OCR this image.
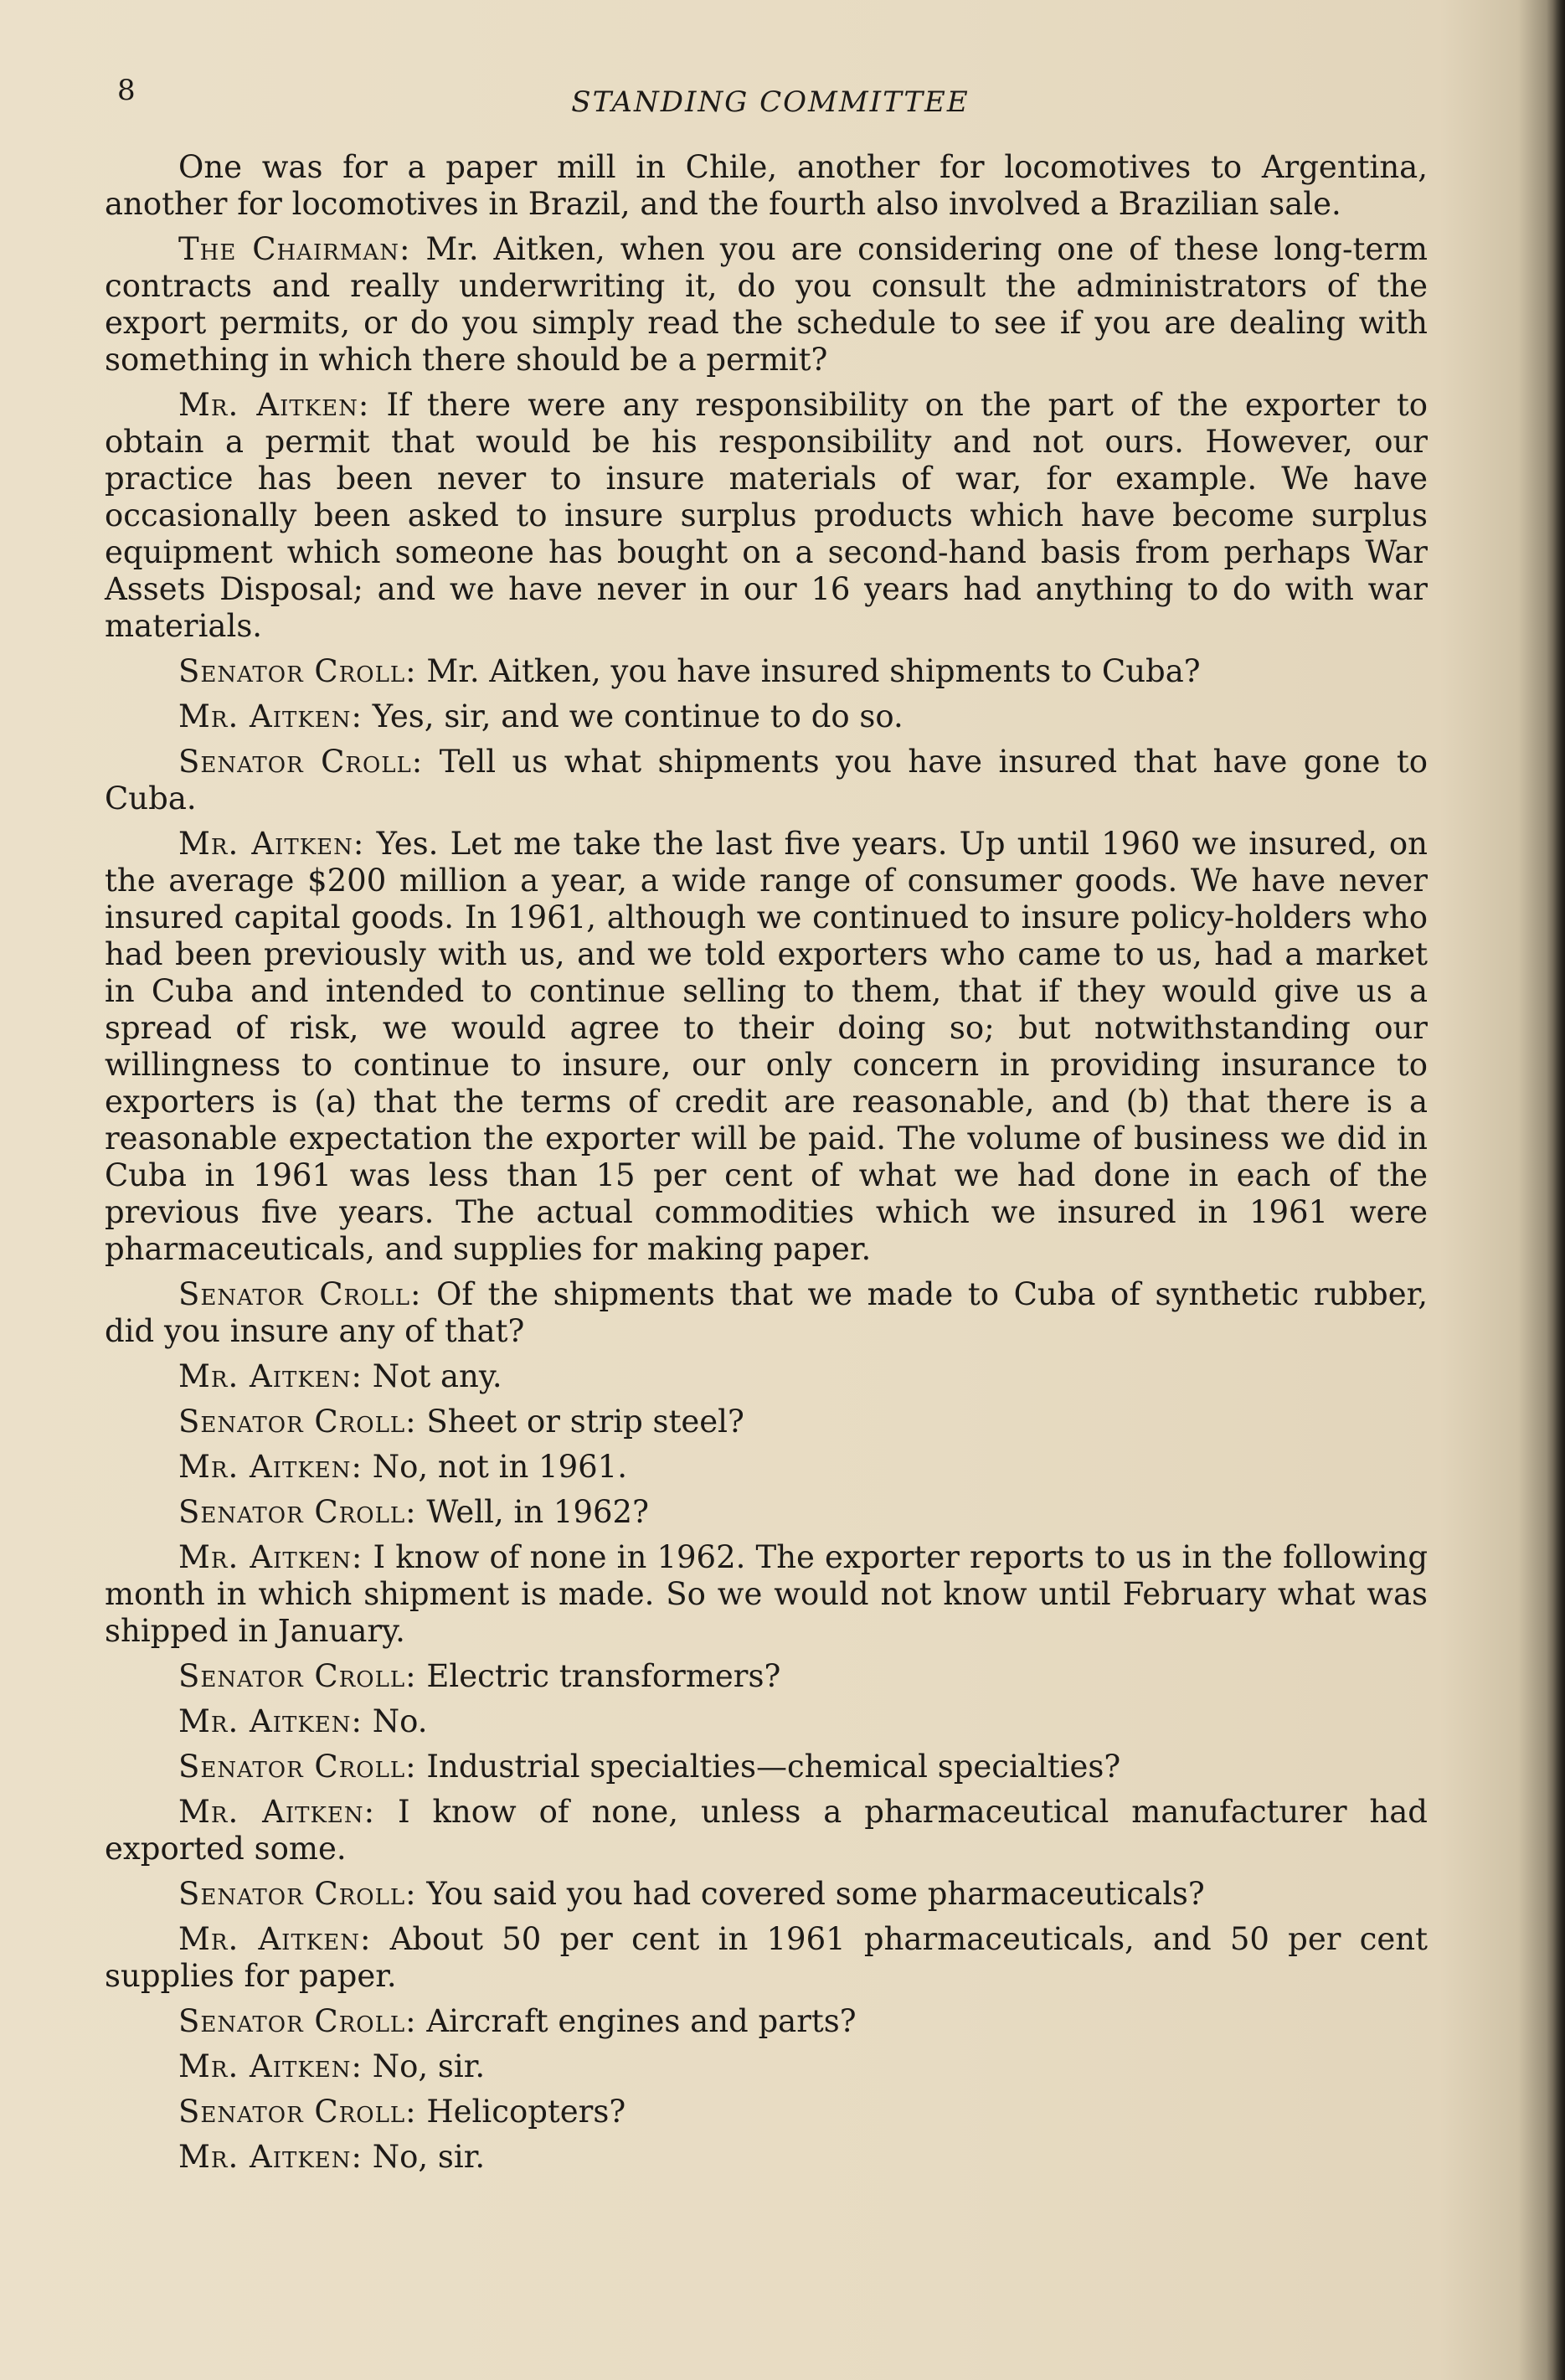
8	STANDING COMMITTEE

One was for a paper mill in Chile, another for locomotives to Argentina, another for locomotives in Brazil, and the fourth also involved a Brazilian sale.

The Chairman: Mr. Aitken, when you are considering one of these long-term contracts and really underwriting it, do you consult the administrators of the export permits, or do you simply read the schedule to see if you are dealing with something in which there should be a permit?

Mr. Aitken: If there were any responsibility on the part of the exporter to obtain a permit that would be his responsibility and not ours. However, our practice has been never to insure materials of war, for example. We have occasionally been asked to insure surplus products which have become surplus equipment which someone has bought on a second-hand basis from perhaps War Assets Disposal; and we have never in our 16 years had anything to do with war materials.

Senator Croll: Mr. Aitken, you have insured shipments to Cuba?

Mr. Aitken: Yes, sir, and we continue to do so.

Senator Croll: Tell us what shipments you have insured that have gone to Cuba.

Mr. Aitken: Yes. Let me take the last five years. Up until 1960 we insured, on the average $200 million a year, a wide range of consumer goods. We have never insured capital goods. In 1961, although we continued to insure policy-holders who had been previously with us, and we told exporters who came to us, had a market in Cuba and intended to continue selling to them, that if they would give us a spread of risk, we would agree to their doing so; but notwithstanding our willingness to continue to insure, our only concern in providing insurance to exporters is (a) that the terms of credit are reasonable, and (b) that there is a reasonable expectation the exporter will be paid. The volume of business we did in Cuba in 1961 was less than 15 per cent of what we had done in each of the previous five years. The actual commodities which we insured in 1961 were pharmaceuticals, and supplies for making paper.

Senator Croll: Of the shipments that we made to Cuba of synthetic rubber, did you insure any of that?

Mr. Aitken: Not any.

Senator Croll: Sheet or strip steel?

Mr. Aitken: No, not in 1961.

Senator Croll: Well, in 1962?

Mr. Aitken: I know of none in 1962. The exporter reports to us in the following month in which shipment is made. So we would not know until February what was shipped in January.

Senator Croll: Electric transformers?

Mr. Aitken: No.

Senator Croll: Industrial specialties—chemical specialties?

Mr. Aitken: I know of none, unless a pharmaceutical manufacturer had exported some.

Senator Croll: You said you had covered some pharmaceuticals?

Mr. Aitken: About 50 per cent in 1961 pharmaceuticals, and 50 per cent supplies for paper.

Senator Croll: Aircraft engines and parts?

Mr. Aitken: No, sir.

Senator Croll: Helicopters?

Mr. Aitken: No, sir.
